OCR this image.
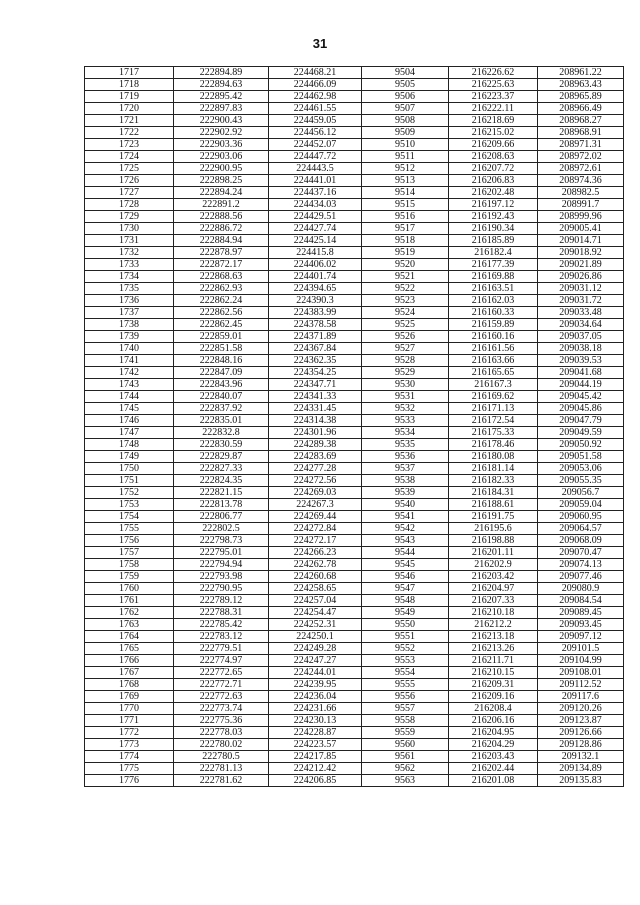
31
1717	222894.89	224468.21	9504	216226.62	208961.22
1718	222894.63	224466.09	9505	216225.63	208963.43
1719	222895.42	224462.98	9506	216223.37	208965.89
1720	222897.83	224461.55	9507	216222.11	208966.49
1721	222900.43	224459.05	9508	216218.69	208968.27
1722	222902.92	224456.12	9509	216215.02	208968.91
1723	222903.36	224452.07	9510	216209.66	208971.31
1724	222903.06	224447.72	9511	216208.63	208972.02
1725	222900.95	224443.5	9512	216207.72	208972.61
1726	222898.25	224441.01	9513	216206.83	208974.36
1727	222894.24	224437.16	9514	216202.48	208982.5
1728	222891.2	224434.03	9515	216197.12	208991.7
1729	222888.56	224429.51	9516	216192.43	208999.96
1730	222886.72	224427.74	9517	216190.34	209005.41
1731	222884.94	224425.14	9518	216185.89	209014.71
1732	222878.97	224415.8	9519	216182.4	209018.92
1733	222872.17	224406.02	9520	216177.39	209021.89
1734	222868.63	224401.74	9521	216169.88	209026.86
1735	222862.93	224394.65	9522	216163.51	209031.12
1736	222862.24	224390.3	9523	216162.03	209031.72
1737	222862.56	224383.99	9524	216160.33	209033.48
1738	222862.45	224378.58	9525	216159.89	209034.64
1739	222859.01	224371.89	9526	216160.16	209037.05
1740	222851.58	224367.84	9527	216161.56	209038.18
1741	222848.16	224362.35	9528	216163.66	209039.53
1742	222847.09	224354.25	9529	216165.65	209041.68
1743	222843.96	224347.71	9530	216167.3	209044.19
1744	222840.07	224341.33	9531	216169.62	209045.42
1745	222837.92	224331.45	9532	216171.13	209045.86
1746	222835.01	224314.38	9533	216172.54	209047.79
1747	222832.8	224301.96	9534	216175.33	209049.59
1748	222830.59	224289.38	9535	216178.46	209050.92
1749	222829.87	224283.69	9536	216180.08	209051.58
1750	222827.33	224277.28	9537	216181.14	209053.06
1751	222824.35	224272.56	9538	216182.33	209055.35
1752	222821.15	224269.03	9539	216184.31	209056.7
1753	222813.78	224267.3	9540	216188.61	209059.04
1754	222806.77	224269.44	9541	216191.75	209060.95
1755	222802.5	224272.84	9542	216195.6	209064.57
1756	222798.73	224272.17	9543	216198.88	209068.09
1757	222795.01	224266.23	9544	216201.11	209070.47
1758	222794.94	224262.78	9545	216202.9	209074.13
1759	222793.98	224260.68	9546	216203.42	209077.46
1760	222790.95	224258.65	9547	216204.97	209080.9
1761	222789.12	224257.04	9548	216207.33	209084.54
1762	222788.31	224254.47	9549	216210.18	209089.45
1763	222785.42	224252.31	9550	216212.2	209093.45
1764	222783.12	224250.1	9551	216213.18	209097.12
1765	222779.51	224249.28	9552	216213.26	209101.5
1766	222774.97	224247.27	9553	216211.71	209104.99
1767	222772.65	224244.01	9554	216210.15	209108.01
1768	222772.71	224239.95	9555	216209.31	209112.52
1769	222772.63	224236.04	9556	216209.16	209117.6
1770	222773.74	224231.66	9557	216208.4	209120.26
1771	222775.36	224230.13	9558	216206.16	209123.87
1772	222778.03	224228.87	9559	216204.95	209126.66
1773	222780.02	224223.57	9560	216204.29	209128.86
1774	222780.5	224217.85	9561	216203.43	209132.1
1775	222781.13	224212.42	9562	216202.44	209134.89
1776	222781.62	224206.85	9563	216201.08	209135.83
